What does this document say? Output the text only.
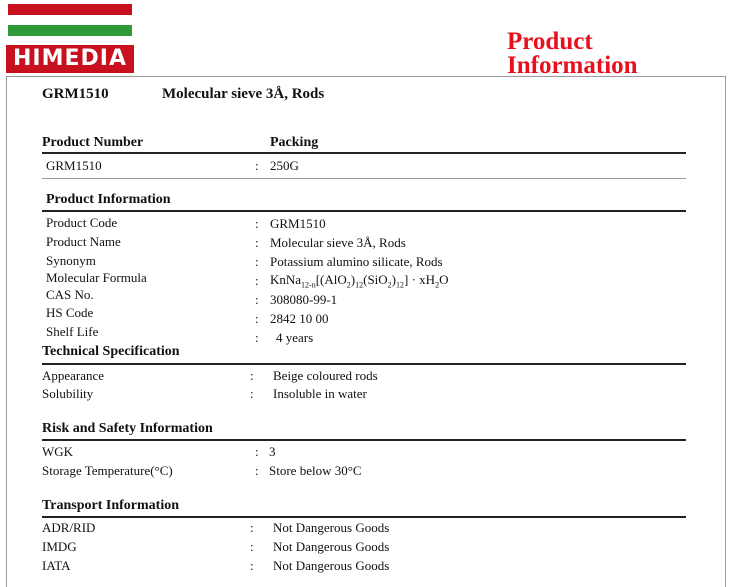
HIMEDIA
Product
Information
GRM1510	Molecular sieve 3Å, Rods
Product Number	Packing
GRM1510	: 250G
Product Information
Product Code	: GRM1510
Product Name	: Molecular sieve 3Å, Rods
Synonym	: Potassium alumino silicate, Rods
Molecular Formula	: $KnNa_{12-n}[(AlO_2)_{12}(SiO_2)_{12}] \cdot xH_2O$
CAS No.	: 308080-99-1
HS Code	: 2842 10 00
Shelf Life	: 4 years
Technical Specification
Appearance	: Beige coloured rods
Solubility	: Insoluble in water
Risk and Safety Information
WGK	: 3
Storage Temperature(°C)	: Store below 30°C
Transport Information
ADR/RID	: Not Dangerous Goods
IMDG	: Not Dangerous Goods
IATA	: Not Dangerous Goods
